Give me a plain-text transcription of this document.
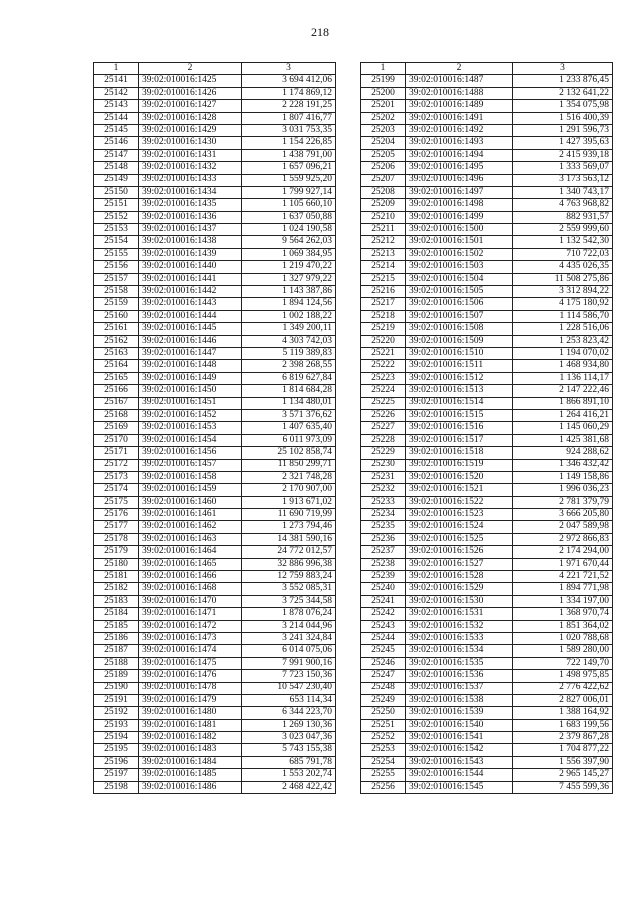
218
1	2	3
25141	39:02:010016:1425	3 694 412,06
25142	39:02:010016:1426	1 174 869,12
25143	39:02:010016:1427	2 228 191,25
25144	39:02:010016:1428	1 807 416,77
25145	39:02:010016:1429	3 031 753,35
25146	39:02:010016:1430	1 154 226,85
25147	39:02:010016:1431	1 438 791,00
25148	39:02:010016:1432	1 657 096,21
25149	39:02:010016:1433	1 559 925,20
25150	39:02:010016:1434	1 799 927,14
25151	39:02:010016:1435	1 105 660,10
25152	39:02:010016:1436	1 637 050,88
25153	39:02:010016:1437	1 024 190,58
25154	39:02:010016:1438	9 564 262,03
25155	39:02:010016:1439	1 069 384,95
25156	39:02:010016:1440	1 219 470,22
25157	39:02:010016:1441	1 327 979,22
25158	39:02:010016:1442	1 143 387,86
25159	39:02:010016:1443	1 894 124,56
25160	39:02:010016:1444	1 002 188,22
25161	39:02:010016:1445	1 349 200,11
25162	39:02:010016:1446	4 303 742,03
25163	39:02:010016:1447	5 119 389,83
25164	39:02:010016:1448	2 398 268,55
25165	39:02:010016:1449	6 819 627,84
25166	39:02:010016:1450	1 814 684,28
25167	39:02:010016:1451	1 134 480,01
25168	39:02:010016:1452	3 571 376,62
25169	39:02:010016:1453	1 407 635,40
25170	39:02:010016:1454	6 011 973,09
25171	39:02:010016:1456	25 102 858,74
25172	39:02:010016:1457	11 850 299,71
25173	39:02:010016:1458	2 321 748,28
25174	39:02:010016:1459	2 170 907,00
25175	39:02:010016:1460	1 913 671,02
25176	39:02:010016:1461	11 690 719,99
25177	39:02:010016:1462	1 273 794,46
25178	39:02:010016:1463	14 381 590,16
25179	39:02:010016:1464	24 772 012,57
25180	39:02:010016:1465	32 886 996,38
25181	39:02:010016:1466	12 759 883,24
25182	39:02:010016:1468	3 552 085,31
25183	39:02:010016:1470	3 725 344,58
25184	39:02:010016:1471	1 878 076,24
25185	39:02:010016:1472	3 214 044,96
25186	39:02:010016:1473	3 241 324,84
25187	39:02:010016:1474	6 014 075,06
25188	39:02:010016:1475	7 991 900,16
25189	39:02:010016:1476	7 723 150,36
25190	39:02:010016:1478	10 547 230,40
25191	39:02:010016:1479	653 114,34
25192	39:02:010016:1480	6 344 223,70
25193	39:02:010016:1481	1 269 130,36
25194	39:02:010016:1482	3 023 047,36
25195	39:02:010016:1483	5 743 155,38
25196	39:02:010016:1484	685 791,78
25197	39:02:010016:1485	1 553 202,74
25198	39:02:010016:1486	2 468 422,42
1	2	3
25199	39:02:010016:1487	1 233 876,45
25200	39:02:010016:1488	2 132 641,22
25201	39:02:010016:1489	1 354 075,98
25202	39:02:010016:1491	1 516 400,39
25203	39:02:010016:1492	1 291 596,73
25204	39:02:010016:1493	1 427 395,63
25205	39:02:010016:1494	2 415 939,18
25206	39:02:010016:1495	1 333 569,07
25207	39:02:010016:1496	3 173 563,12
25208	39:02:010016:1497	1 340 743,17
25209	39:02:010016:1498	4 763 968,82
25210	39:02:010016:1499	882 931,57
25211	39:02:010016:1500	2 559 999,60
25212	39:02:010016:1501	1 132 542,30
25213	39:02:010016:1502	710 722,03
25214	39:02:010016:1503	4 435 026,35
25215	39:02:010016:1504	11 508 275,86
25216	39:02:010016:1505	3 312 894,22
25217	39:02:010016:1506	4 175 180,92
25218	39:02:010016:1507	1 114 586,70
25219	39:02:010016:1508	1 228 516,06
25220	39:02:010016:1509	1 253 823,42
25221	39:02:010016:1510	1 194 070,02
25222	39:02:010016:1511	1 468 934,80
25223	39:02:010016:1512	1 136 114,17
25224	39:02:010016:1513	2 147 222,46
25225	39:02:010016:1514	1 866 891,10
25226	39:02:010016:1515	1 264 416,21
25227	39:02:010016:1516	1 145 060,29
25228	39:02:010016:1517	1 425 381,68
25229	39:02:010016:1518	924 288,62
25230	39:02:010016:1519	1 346 432,42
25231	39:02:010016:1520	1 149 158,86
25232	39:02:010016:1521	1 996 036,23
25233	39:02:010016:1522	2 781 379,79
25234	39:02:010016:1523	3 666 205,80
25235	39:02:010016:1524	2 047 589,98
25236	39:02:010016:1525	2 972 866,83
25237	39:02:010016:1526	2 174 294,00
25238	39:02:010016:1527	1 971 670,44
25239	39:02:010016:1528	4 221 721,52
25240	39:02:010016:1529	1 894 771,98
25241	39:02:010016:1530	1 334 197,00
25242	39:02:010016:1531	1 368 970,74
25243	39:02:010016:1532	1 851 364,02
25244	39:02:010016:1533	1 020 788,68
25245	39:02:010016:1534	1 589 280,00
25246	39:02:010016:1535	722 149,70
25247	39:02:010016:1536	1 498 975,85
25248	39:02:010016:1537	2 776 422,62
25249	39:02:010016:1538	2 827 006,01
25250	39:02:010016:1539	1 388 164,92
25251	39:02:010016:1540	1 683 199,56
25252	39:02:010016:1541	2 379 867,28
25253	39:02:010016:1542	1 704 877,22
25254	39:02:010016:1543	1 556 397,90
25255	39:02:010016:1544	2 965 145,27
25256	39:02:010016:1545	7 455 599,36
